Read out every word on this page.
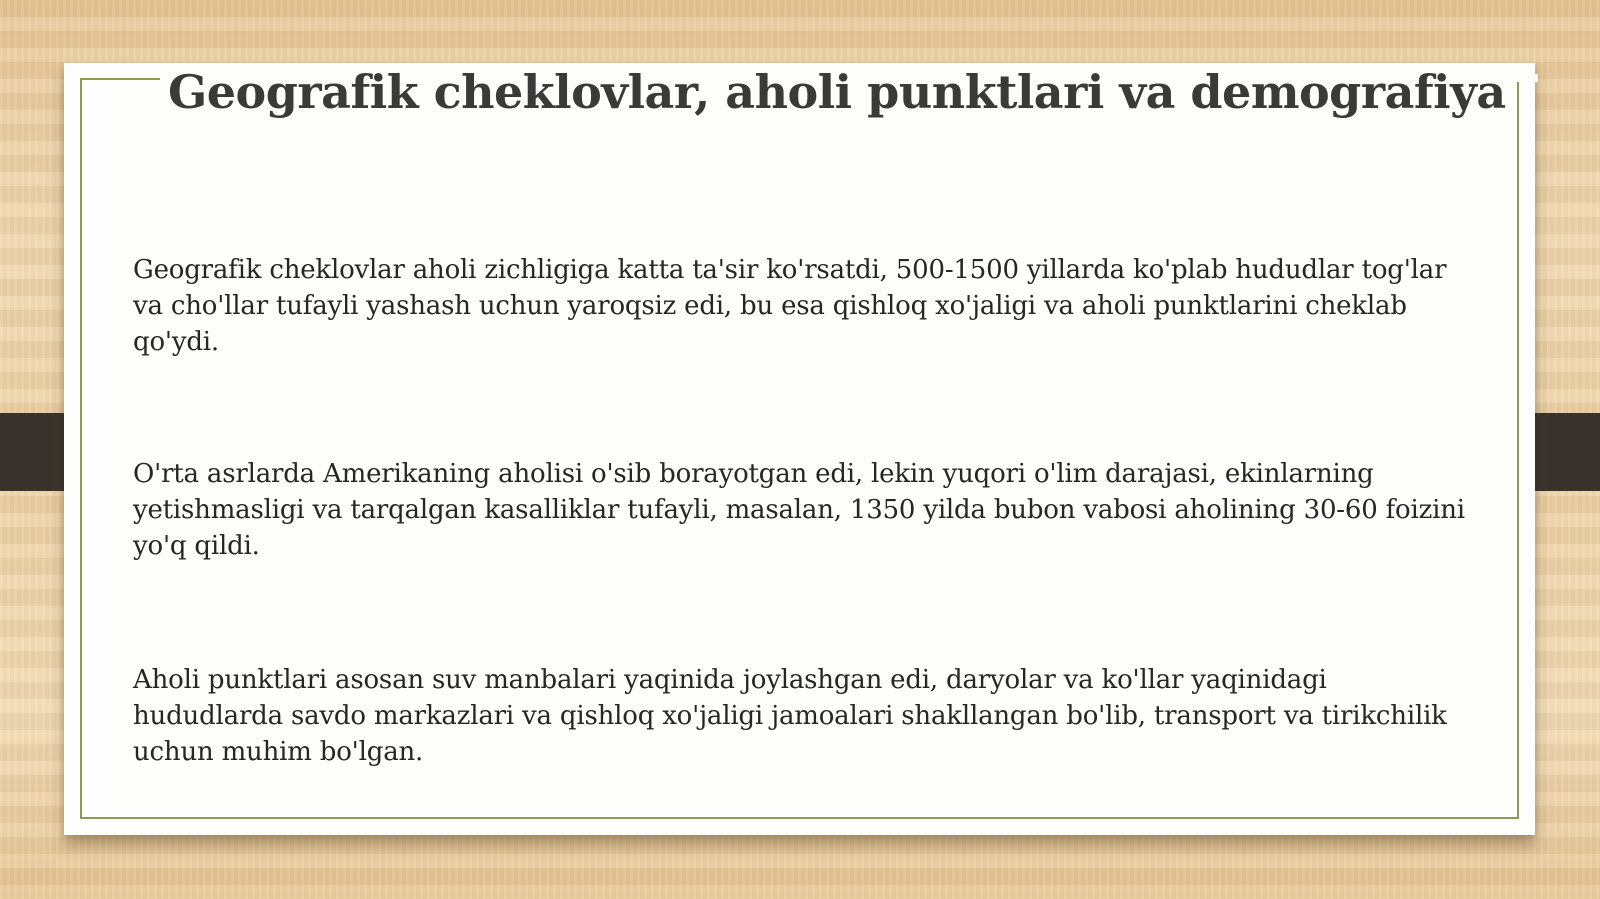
Geografik cheklovlar, aholi punktlari va demografiya

Geografik cheklovlar aholi zichligiga katta ta'sir ko'rsatdi, 500-1500 yillarda ko'plab hududlar tog'lar va cho'llar tufayli yashash uchun yaroqsiz edi, bu esa qishloq xo'jaligi va aholi punktlarini cheklab qo'ydi.

O'rta asrlarda Amerikaning aholisi o'sib borayotgan edi, lekin yuqori o'lim darajasi, ekinlarning yetishmasligi va tarqalgan kasalliklar tufayli, masalan, 1350 yilda bubon vabosi aholining 30-60 foizini yo'q qildi.

Aholi punktlari asosan suv manbalari yaqinida joylashgan edi, daryolar va ko'llar yaqinidagi hududlarda savdo markazlari va qishloq xo'jaligi jamoalari shakllangan bo'lib, transport va tirikchilik uchun muhim bo'lgan.
